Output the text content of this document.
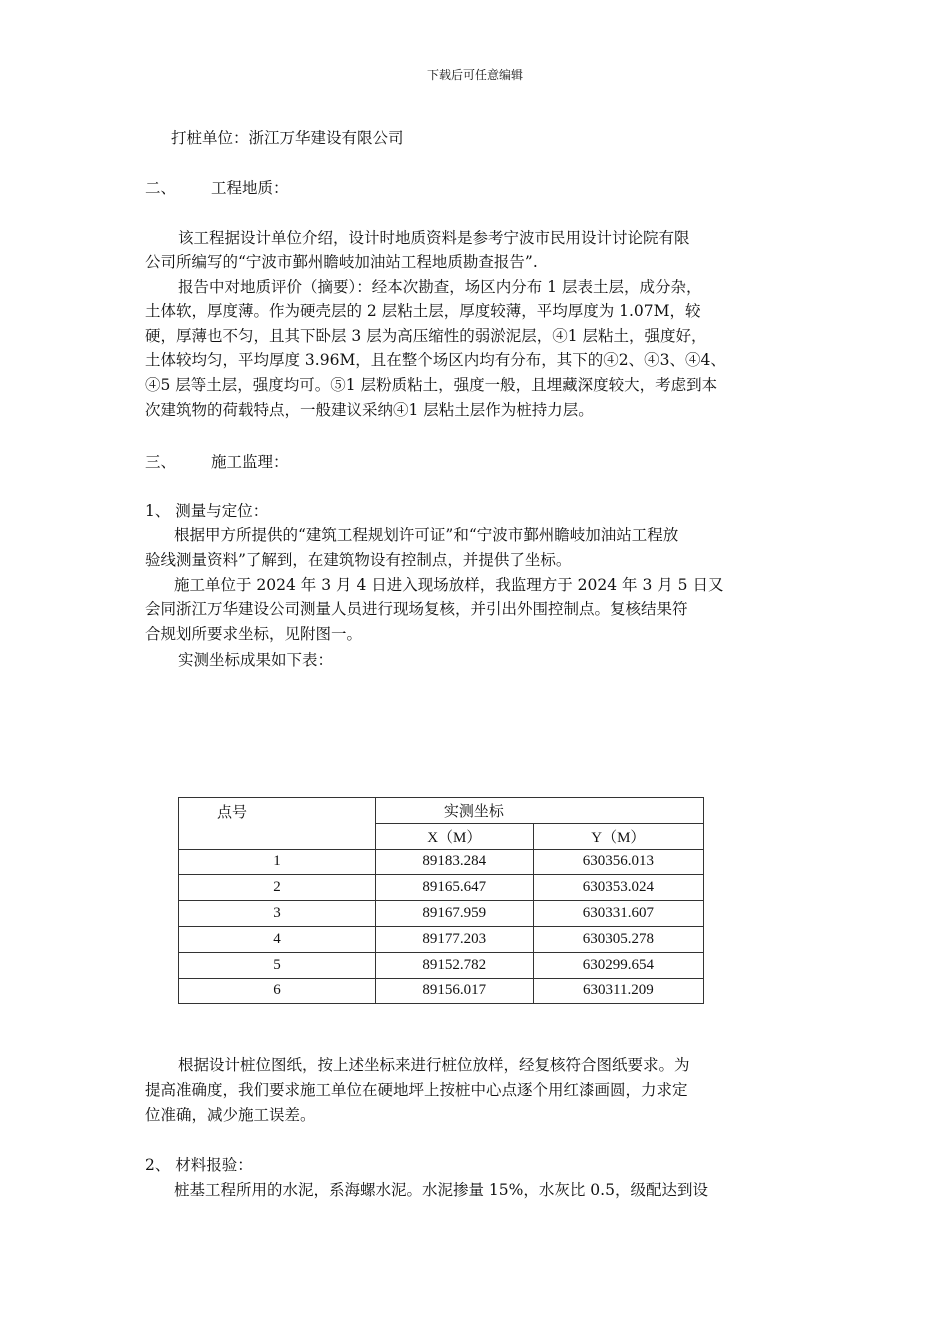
下载后可任意编辑
打桩单位：浙江万华建设有限公司
二、 工程地质：
该工程据设计单位介绍，设计时地质资料是参考宁波市民用设计讨论院有限
公司所编写的“宁波市鄞州瞻岐加油站工程地质勘查报告”.
报告中对地质评价（摘要）：经本次勘查，场区内分布 1 层表土层，成分杂，
土体软，厚度薄。作为硬壳层的 2 层粘土层，厚度较薄，平均厚度为 1.07M，较
硬，厚薄也不匀，且其下卧层 3 层为高压缩性的弱淤泥层，④1 层粘土，强度好，
土体较均匀，平均厚度 3.96M，且在整个场区内均有分布，其下的④2、④3、④4、
④5 层等土层，强度均可。⑤1 层粉质粘土，强度一般，且埋藏深度较大，考虑到本
次建筑物的荷载特点，一般建议采纳④1 层粘土层作为桩持力层。
三、 施工监理：
1、 测量与定位：
根据甲方所提供的“建筑工程规划许可证”和“宁波市鄞州瞻岐加油站工程放
验线测量资料”了解到，在建筑物设有控制点，并提供了坐标。
施工单位于 2024 年 3 月 4 日进入现场放样，我监理方于 2024 年 3 月 5 日又
会同浙江万华建设公司测量人员进行现场复核，并引出外围控制点。复核结果符
合规划所要求坐标，见附图一。
实测坐标成果如下表：
点号	实测坐标	
	X（M）	Y（M）
1	89183.284	630356.013
2	89165.647	630353.024
3	89167.959	630331.607
4	89177.203	630305.278
5	89152.782	630299.654
6	89156.017	630311.209
根据设计桩位图纸，按上述坐标来进行桩位放样，经复核符合图纸要求。为
提高准确度，我们要求施工单位在硬地坪上按桩中心点逐个用红漆画圆，力求定
位准确，减少施工误差。
2、 材料报验：
桩基工程所用的水泥，系海螺水泥。水泥掺量 15%，水灰比 0.5，级配达到设
